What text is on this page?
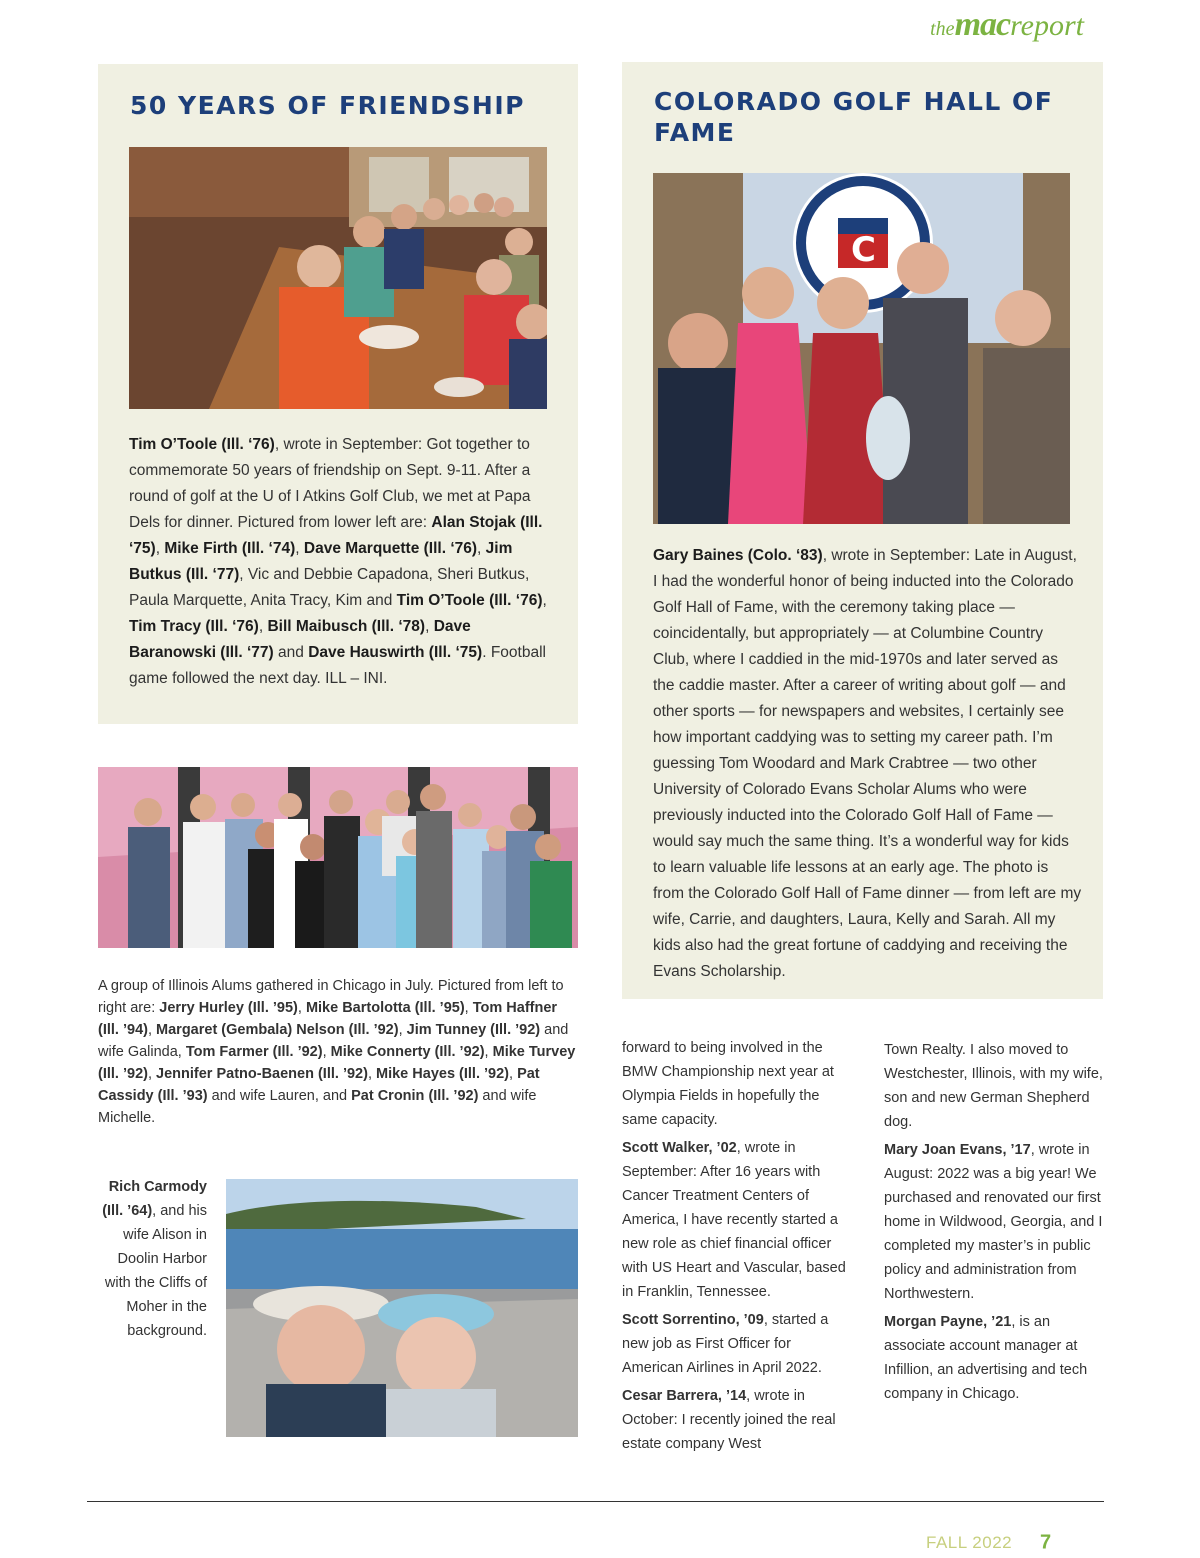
themacreport
50 YEARS OF FRIENDSHIP

Tim O’Toole (Ill. ‘76), wrote in September: Got together to commemorate 50 years of friendship on Sept. 9-11. After a round of golf at the U of I Atkins Golf Club, we met at Papa Dels for dinner. Pictured from lower left are: Alan Stojak (Ill. ‘75), Mike Firth (Ill. ‘74), Dave Marquette (Ill. ‘76), Jim Butkus (Ill. ‘77), Vic and Debbie Capadona, Sheri Butkus, Paula Marquette, Anita Tracy, Kim and Tim O’Toole (Ill. ‘76), Tim Tracy (Ill. ‘76), Bill Maibusch (Ill. ‘78), Dave Baranowski (Ill. ‘77) and Dave Hauswirth (Ill. ‘75). Football game followed the next day. ILL – INI.

COLORADO GOLF HALL OF FAME
C

Gary Baines (Colo. ‘83), wrote in September: Late in August, I had the wonderful honor of being inducted into the Colorado Golf Hall of Fame, with the ceremony taking place — coincidentally, but appropriately — at Columbine Country Club, where I caddied in the mid-1970s and later served as the caddie master. After a career of writing about golf — and other sports — for newspapers and websites, I certainly see how important caddying was to setting my career path. I’m guessing Tom Woodard and Mark Crabtree — two other University of Colorado Evans Scholar Alums who were previously inducted into the Colorado Golf Hall of Fame — would say much the same thing. It’s a wonderful way for kids to learn valuable life lessons at an early age. The photo is from the Colorado Golf Hall of Fame dinner — from left are my wife, Carrie, and daughters, Laura, Kelly and Sarah. All my kids also had the great fortune of caddying and receiving the Evans Scholarship.

A group of Illinois Alums gathered in Chicago in July. Pictured from left to right are: Jerry Hurley (Ill. ’95), Mike Bartolotta (Ill. ’95), Tom Haffner (Ill. ’94), Margaret (Gembala) Nelson (Ill. ’92), Jim Tunney (Ill. ’92) and wife Galinda, Tom Farmer (Ill. ’92), Mike Connerty (Ill. ’92), Mike Turvey (Ill. ’92), Jennifer Patno-Baenen (Ill. ’92), Mike Hayes (Ill. ’92), Pat Cassidy (Ill. ’93) and wife Lauren, and Pat Cronin (Ill. ’92) and wife Michelle.

Rich Carmody (Ill. ’64), and his wife Alison in Doolin Harbor with the Cliffs of Moher in the background.

forward to being involved in the BMW Championship next year at Olympia Fields in hopefully the same capacity.

Scott Walker, ’02, wrote in September: After 16 years with Cancer Treatment Centers of America, I have recently started a new role as chief financial officer with US Heart and Vascular, based in Franklin, Tennessee.

Scott Sorrentino, ’09, started a new job as First Officer for American Airlines in April 2022.

Cesar Barrera, ’14, wrote in October: I recently joined the real estate company West

Town Realty. I also moved to Westchester, Illinois, with my wife, son and new German Shepherd dog.

Mary Joan Evans, ’17, wrote in August: 2022 was a big year! We purchased and renovated our first home in Wildwood, Georgia, and I completed my master’s in public policy and administration from Northwestern.

Morgan Payne, ’21, is an associate account manager at Infillion, an advertising and tech company in Chicago.

FALL 2022 7
